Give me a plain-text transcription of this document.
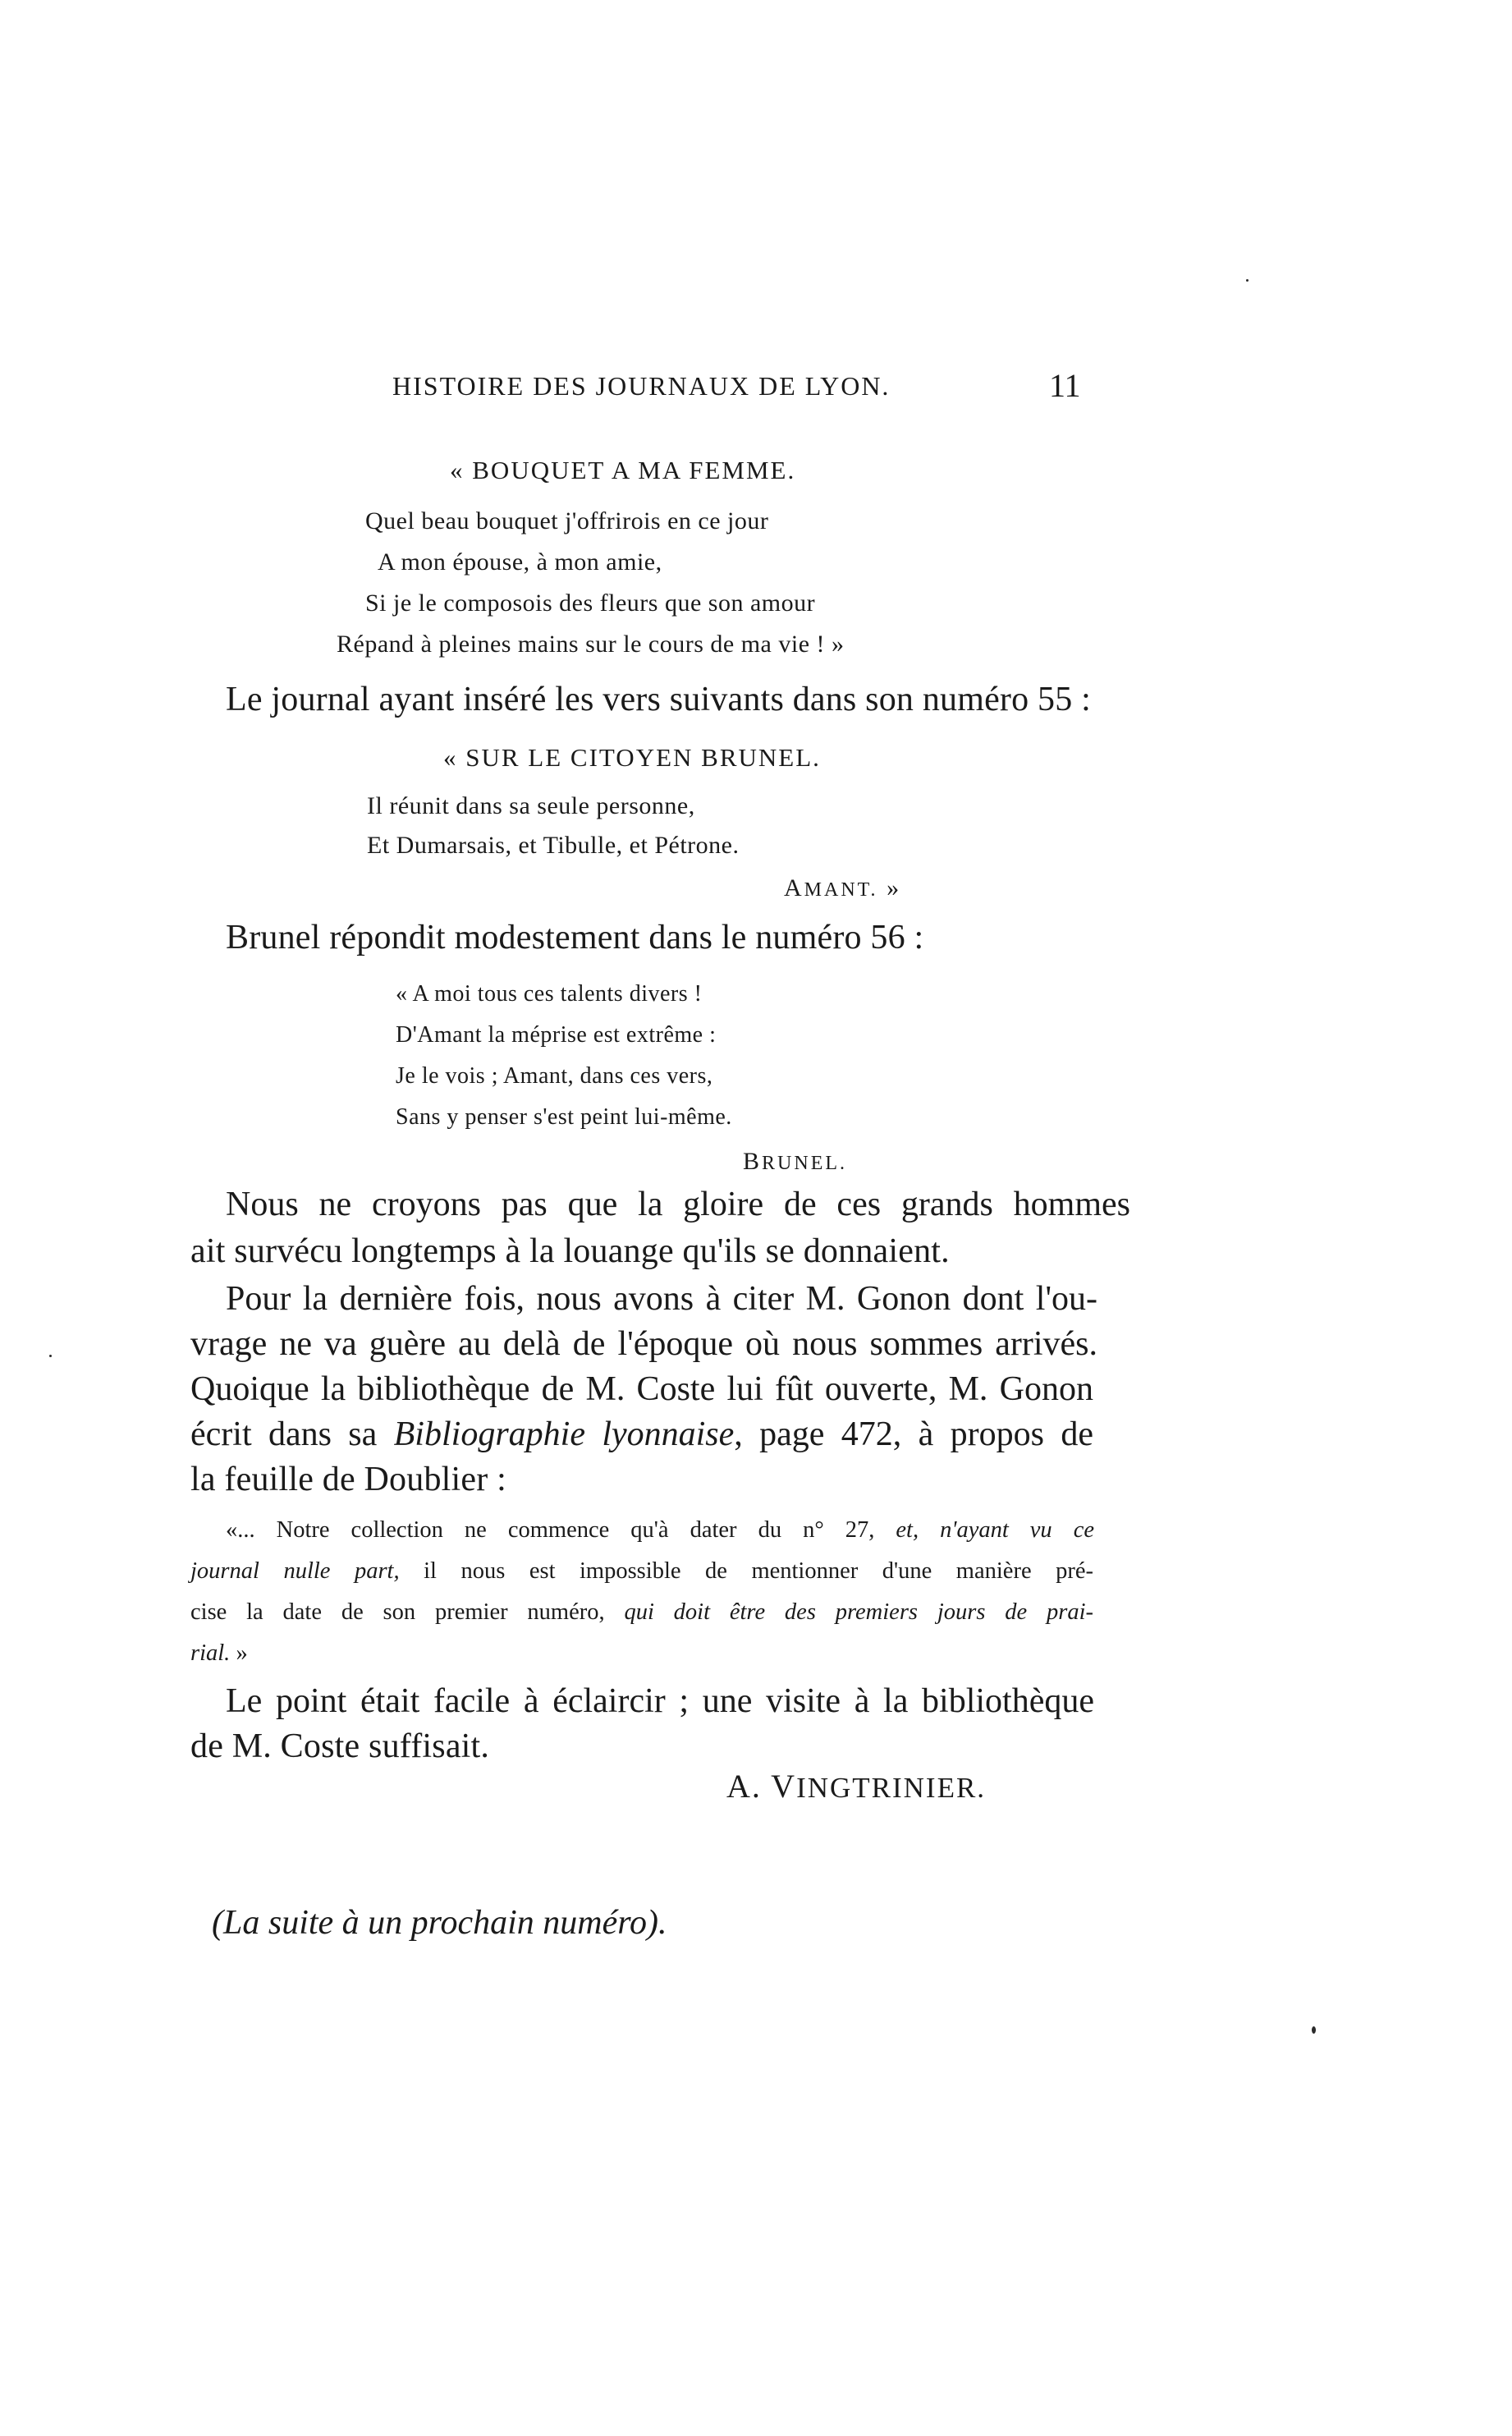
HISTOIRE DES JOURNAUX DE LYON.	11
« BOUQUET A MA FEMME.
Quel beau bouquet j'offrirois en ce jour
A mon épouse, à mon amie,
Si je le composois des fleurs que son amour
Répand à pleines mains sur le cours de ma vie ! »
Le journal ayant inséré les vers suivants dans son numéro 55 :
« SUR LE CITOYEN BRUNEL.
Il réunit dans sa seule personne,
Et Dumarsais, et Tibulle, et Pétrone.
AMANT. »
Brunel répondit modestement dans le numéro 56 :
« A moi tous ces talents divers !
D'Amant la méprise est extrême :
Je le vois ; Amant, dans ces vers,
Sans y penser s'est peint lui-même.
BRUNEL.
Nous ne croyons pas que la gloire de ces grands hommes
ait survécu longtemps à la louange qu'ils se donnaient.
Pour la dernière fois, nous avons à citer M. Gonon dont l'ou-
vrage ne va guère au delà de l'époque où nous sommes arrivés.
Quoique la bibliothèque de M. Coste lui fût ouverte, M. Gonon
écrit dans sa Bibliographie lyonnaise, page 472, à propos de
la feuille de Doublier :
«... Notre collection ne commence qu'à dater du n° 27, et, n'ayant vu ce
journal nulle part, il nous est impossible de mentionner d'une manière pré-
cise la date de son premier numéro, qui doit être des premiers jours de prai-
rial. »
Le point était facile à éclaircir ; une visite à la bibliothèque
de M. Coste suffisait.
A. VINGTRINIER.
(La suite à un prochain numéro).
